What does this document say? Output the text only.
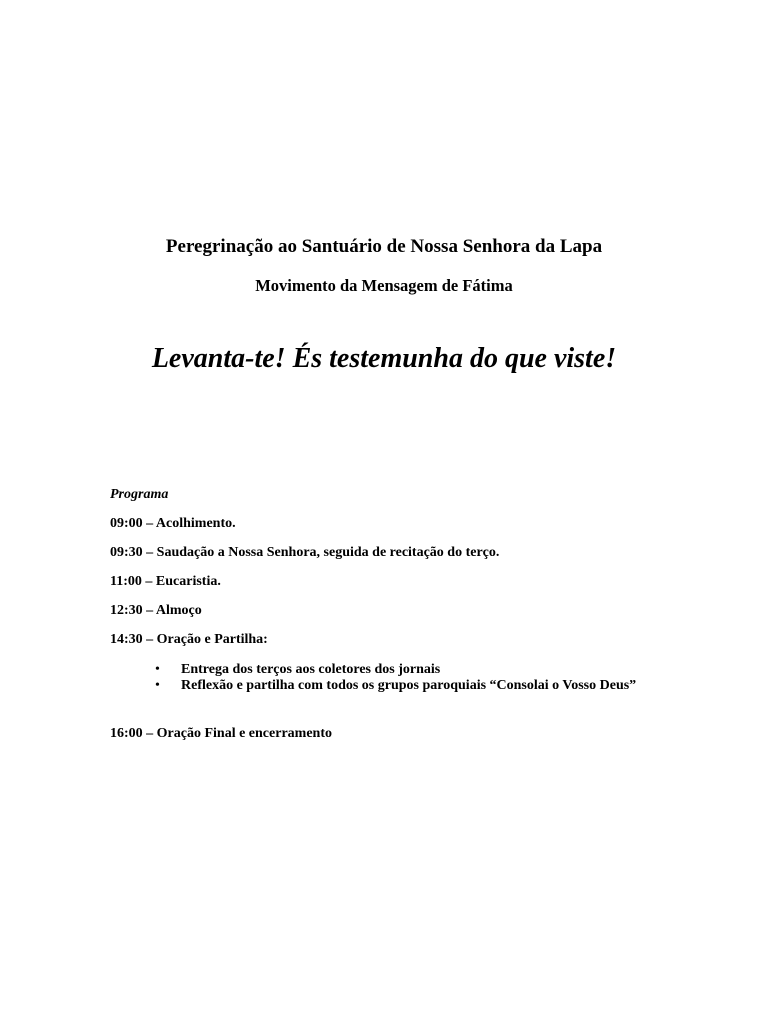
Peregrinação ao Santuário de Nossa Senhora da Lapa
Movimento da Mensagem de Fátima
Levanta-te! És testemunha do que viste!
Programa
09:00 – Acolhimento.
09:30 – Saudação a Nossa Senhora, seguida de recitação do terço.
11:00 – Eucaristia.
12:30 – Almoço
14:30 – Oração e Partilha:
• Entrega dos terços aos coletores dos jornais
• Reflexão e partilha com todos os grupos paroquiais “Consolai o Vosso Deus”
16:00 – Oração Final e encerramento
